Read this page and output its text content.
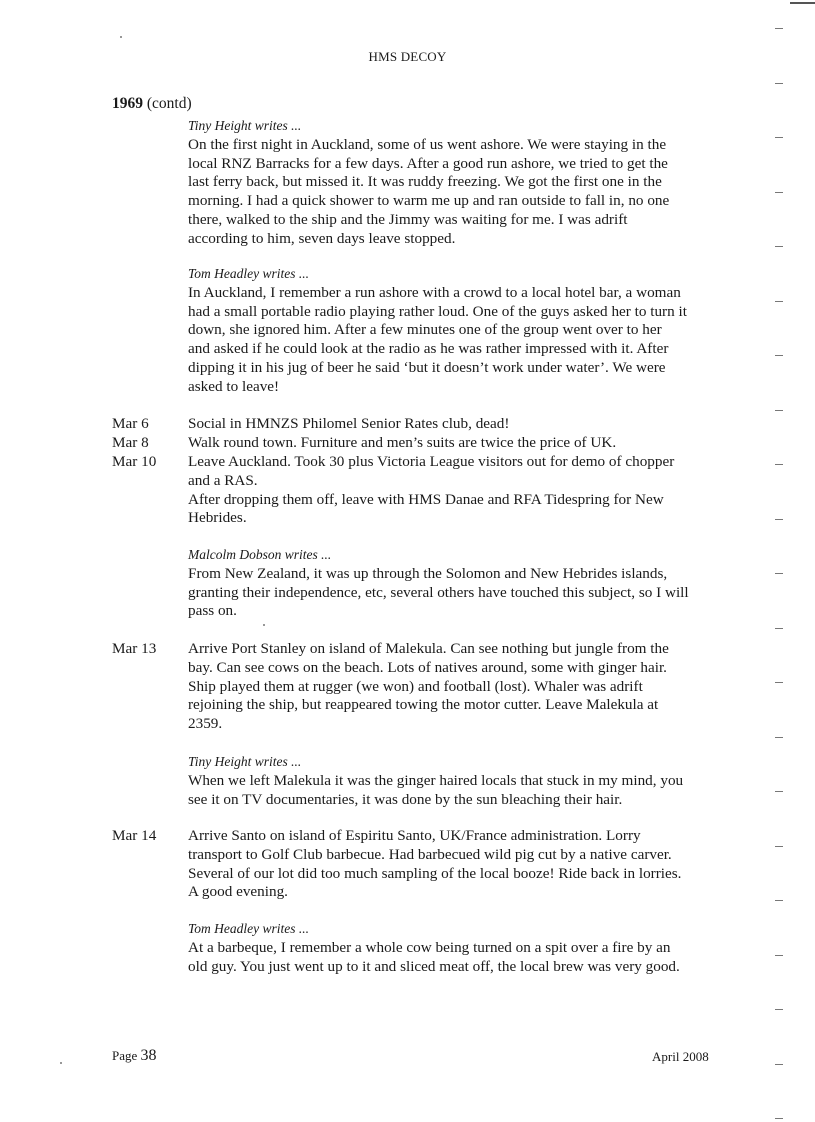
HMS DECOY
1969 (contd)
Tiny Height writes ...
On the first night in Auckland, some of us went ashore. We were staying in the
local RNZ Barracks for a few days. After a good run ashore, we tried to get the
last ferry back, but missed it. It was ruddy freezing. We got the first one in the
morning. I had a quick shower to warm me up and ran outside to fall in, no one
there, walked to the ship and the Jimmy was waiting for me. I was adrift
according to him, seven days leave stopped.
Tom Headley writes ...
In Auckland, I remember a run ashore with a crowd to a local hotel bar, a woman
had a small portable radio playing rather loud. One of the guys asked her to turn it
down, she ignored him. After a few minutes one of the group went over to her
and asked if he could look at the radio as he was rather impressed with it. After
dipping it in his jug of beer he said ‘but it doesn’t work under water’. We were
asked to leave!
Mar 6	Social in HMNZS Philomel Senior Rates club, dead!
Mar 8	Walk round town. Furniture and men’s suits are twice the price of UK.
Mar 10 Leave Auckland. Took 30 plus Victoria League visitors out for demo of chopper
and a RAS.
After dropping them off, leave with HMS Danae and RFA Tidespring for New
Hebrides.
Malcolm Dobson writes ...
From New Zealand, it was up through the Solomon and New Hebrides islands,
granting their independence, etc, several others have touched this subject, so I will
pass on.
Mar 13 Arrive Port Stanley on island of Malekula. Can see nothing but jungle from the
bay. Can see cows on the beach. Lots of natives around, some with ginger hair.
Ship played them at rugger (we won) and football (lost). Whaler was adrift
rejoining the ship, but reappeared towing the motor cutter. Leave Malekula at
2359.
Tiny Height writes ...
When we left Malekula it was the ginger haired locals that stuck in my mind, you
see it on TV documentaries, it was done by the sun bleaching their hair.
Mar 14 Arrive Santo on island of Espiritu Santo, UK/France administration. Lorry
transport to Golf Club barbecue. Had barbecued wild pig cut by a native carver.
Several of our lot did too much sampling of the local booze! Ride back in lorries.
A good evening.
Tom Headley writes ...
At a barbeque, I remember a whole cow being turned on a spit over a fire by an
old guy. You just went up to it and sliced meat off, the local brew was very good.
Page 38	April 2008
